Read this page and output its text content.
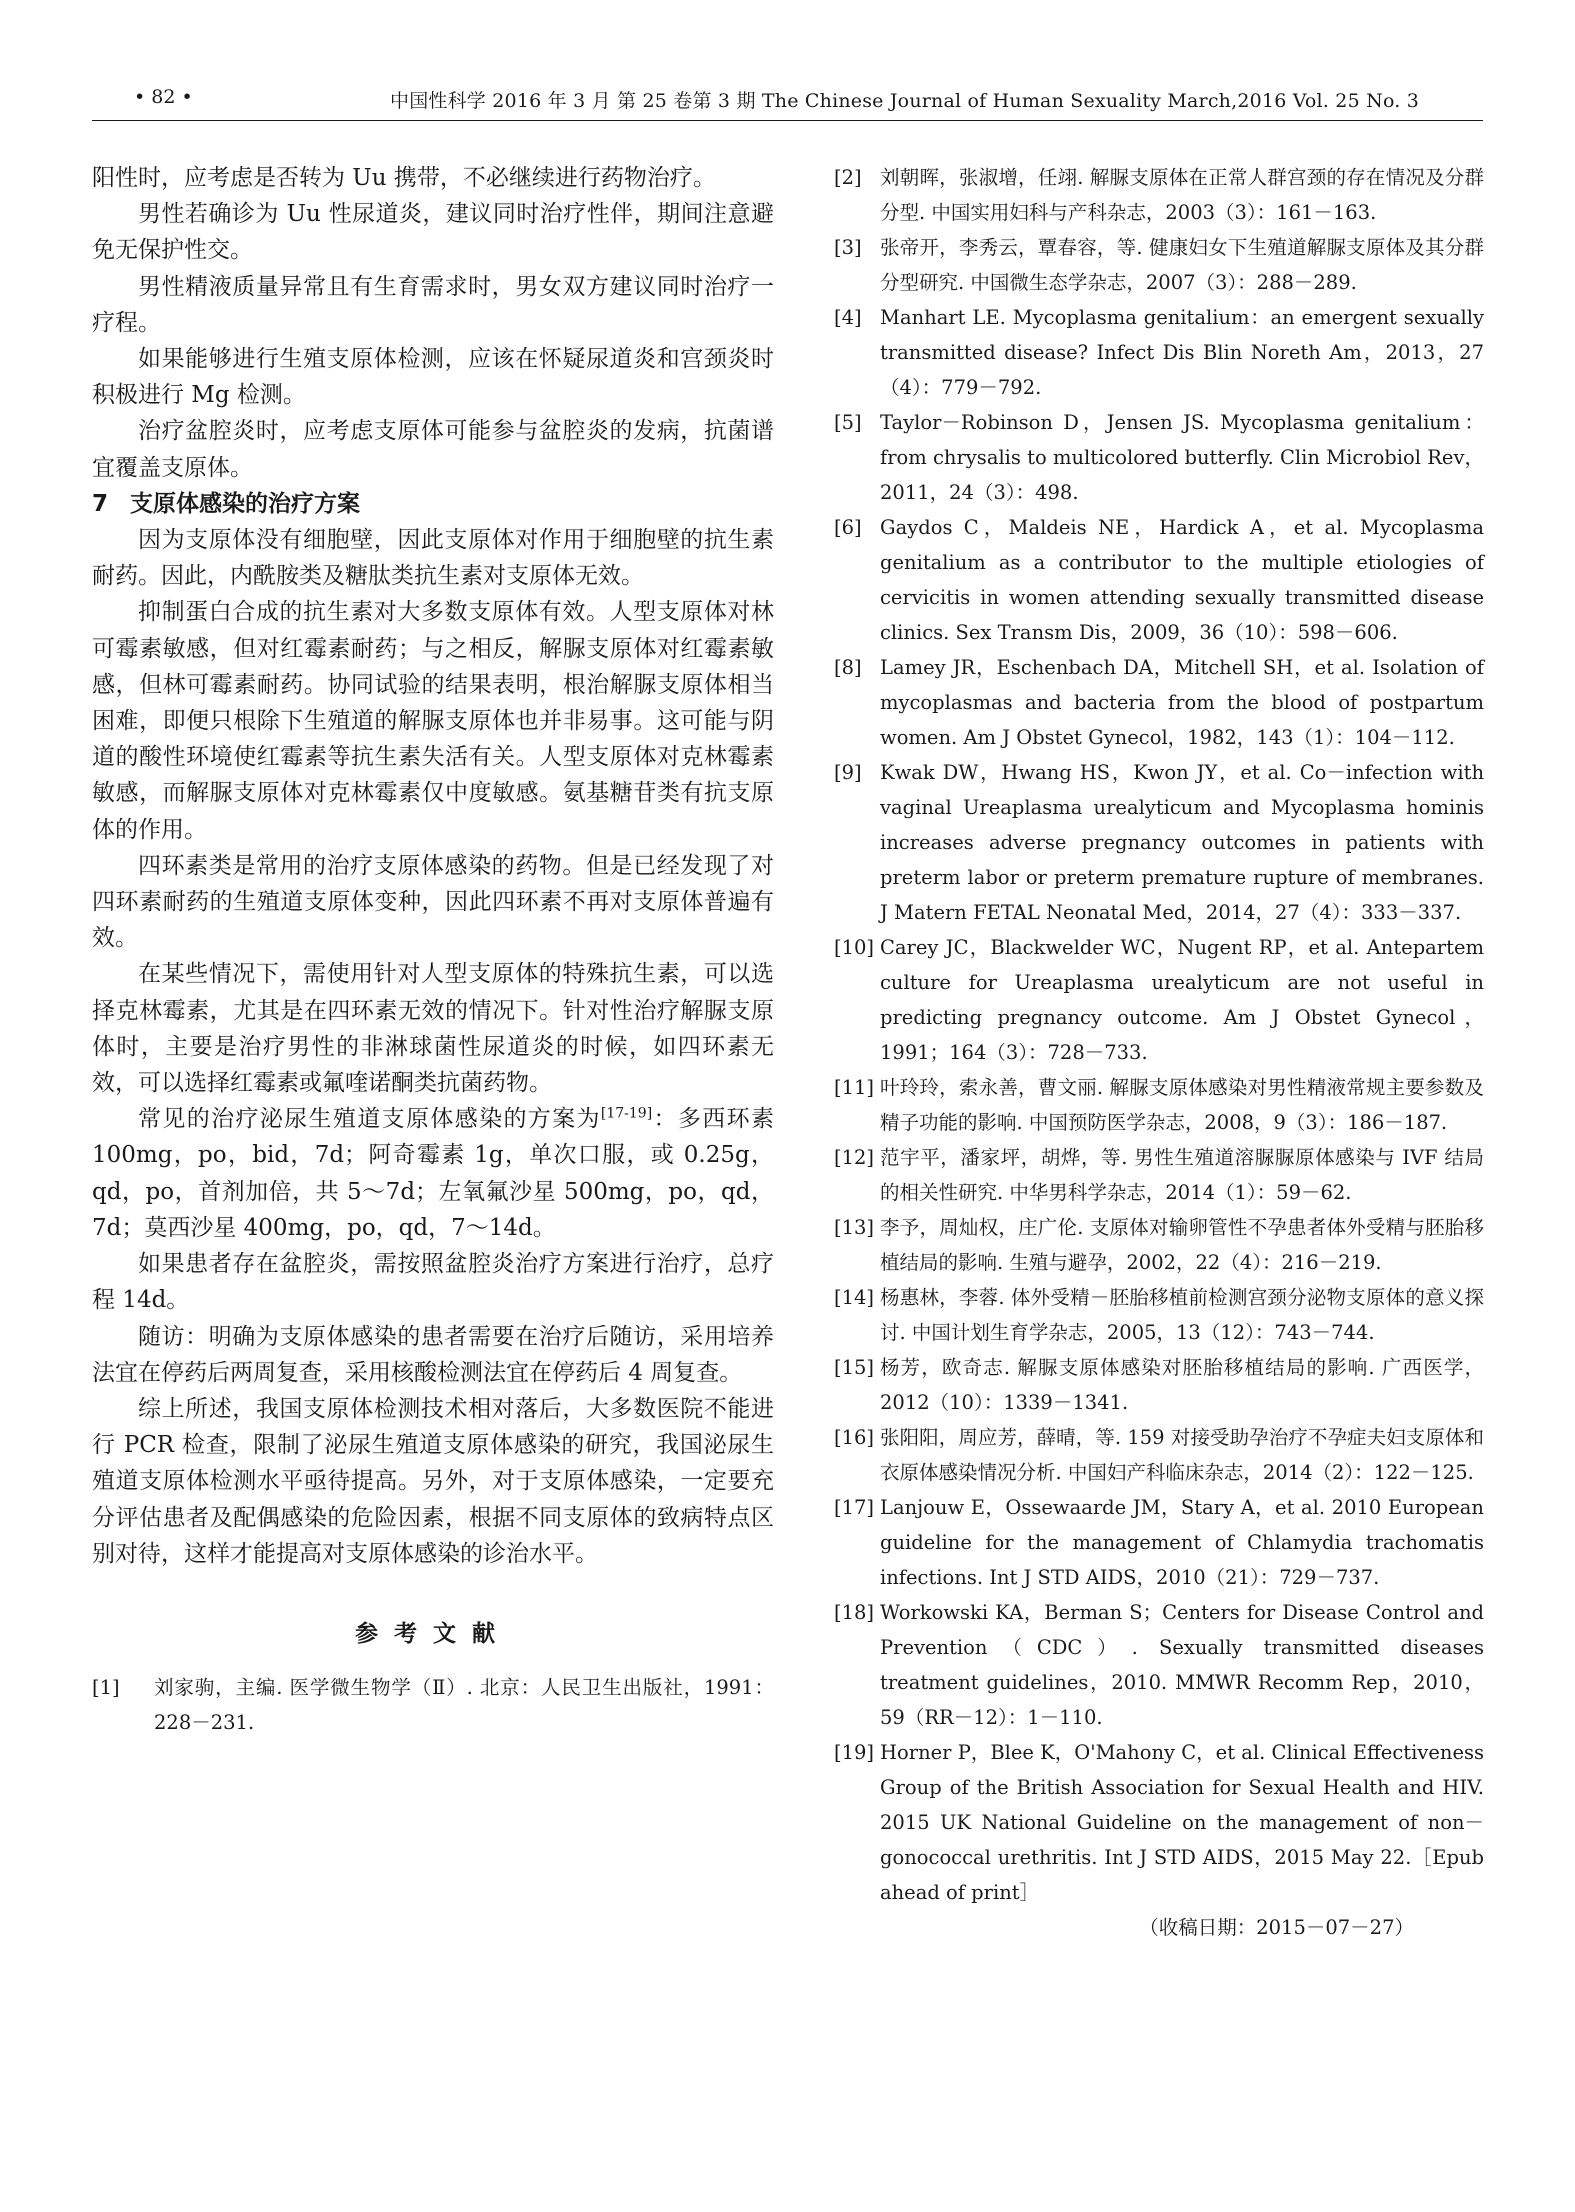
• 82 •	中国性科学 2016 年 3 月 第 25 卷第 3 期 The Chinese Journal of Human Sexuality March,2016 Vol. 25 No. 3

阳性时，应考虑是否转为 Uu 携带，不必继续进行药物治疗。

男性若确诊为 Uu 性尿道炎，建议同时治疗性伴，期间注意避免无保护性交。

男性精液质量异常且有生育需求时，男女双方建议同时治疗一疗程。

如果能够进行生殖支原体检测，应该在怀疑尿道炎和宫颈炎时积极进行 Mg 检测。

治疗盆腔炎时，应考虑支原体可能参与盆腔炎的发病，抗菌谱宜覆盖支原体。

7 支原体感染的治疗方案

因为支原体没有细胞壁，因此支原体对作用于细胞壁的抗生素耐药。因此，内酰胺类及糖肽类抗生素对支原体无效。

抑制蛋白合成的抗生素对大多数支原体有效。人型支原体对林可霉素敏感，但对红霉素耐药；与之相反，解脲支原体对红霉素敏感，但林可霉素耐药。协同试验的结果表明，根治解脲支原体相当困难，即便只根除下生殖道的解脲支原体也并非易事。这可能与阴道的酸性环境使红霉素等抗生素失活有关。人型支原体对克林霉素敏感，而解脲支原体对克林霉素仅中度敏感。氨基糖苷类有抗支原体的作用。

四环素类是常用的治疗支原体感染的药物。但是已经发现了对四环素耐药的生殖道支原体变种，因此四环素不再对支原体普遍有效。

在某些情况下，需使用针对人型支原体的特殊抗生素，可以选择克林霉素，尤其是在四环素无效的情况下。针对性治疗解脲支原体时，主要是治疗男性的非淋球菌性尿道炎的时候，如四环素无效，可以选择红霉素或氟喹诺酮类抗菌药物。

常见的治疗泌尿生殖道支原体感染的方案为[17-19]：多西环素 100mg，po，bid，7d；阿奇霉素 1g，单次口服，或 0.25g，qd，po，首剂加倍，共 5～7d；左氧氟沙星 500mg，po，qd，7d；莫西沙星 400mg，po，qd，7～14d。

如果患者存在盆腔炎，需按照盆腔炎治疗方案进行治疗，总疗程 14d。

随访：明确为支原体感染的患者需要在治疗后随访，采用培养法宜在停药后两周复查，采用核酸检测法宜在停药后 4 周复查。

综上所述，我国支原体检测技术相对落后，大多数医院不能进行 PCR 检查，限制了泌尿生殖道支原体感染的研究，我国泌尿生殖道支原体检测水平亟待提高。另外，对于支原体感染，一定要充分评估患者及配偶感染的危险因素，根据不同支原体的致病特点区别对待，这样才能提高对支原体感染的诊治水平。

参考文献
[1] 刘家驹，主编. 医学微生物学（Ⅱ）. 北京：人民卫生出版社，1991：228－231.
[2] 刘朝晖，张淑增，任翊. 解脲支原体在正常人群宫颈的存在情况及分群分型. 中国实用妇科与产科杂志，2003（3）：161－163.
[3] 张帝开，李秀云，覃春容，等. 健康妇女下生殖道解脲支原体及其分群分型研究. 中国微生态学杂志，2007（3）：288－289.
[4] Manhart LE. Mycoplasma genitalium：an emergent sexually transmitted disease? Infect Dis Blin Noreth Am，2013，27（4）：779－792.
[5] Taylor－Robinson D，Jensen JS. Mycoplasma genitalium：from chrysalis to multicolored butterfly. Clin Microbiol Rev，2011，24（3）：498.
[6] Gaydos C，Maldeis NE，Hardick A，et al. Mycoplasma genitalium as a contributor to the multiple etiologies of cervicitis in women attending sexually transmitted disease clinics. Sex Transm Dis，2009，36（10）：598－606.
[8] Lamey JR，Eschenbach DA，Mitchell SH，et al. Isolation of mycoplasmas and bacteria from the blood of postpartum women. Am J Obstet Gynecol，1982，143（1）：104－112.
[9] Kwak DW，Hwang HS，Kwon JY，et al. Co－infection with vaginal Ureaplasma urealyticum and Mycoplasma hominis increases adverse pregnancy outcomes in patients with preterm labor or preterm premature rupture of membranes. J Matern FETAL Neonatal Med，2014，27（4）：333－337.
[10] Carey JC，Blackwelder WC，Nugent RP，et al. Antepartem culture for Ureaplasma urealyticum are not useful in predicting pregnancy outcome. Am J Obstet Gynecol，1991；164（3）：728－733.
[11] 叶玲玲，索永善，曹文丽. 解脲支原体感染对男性精液常规主要参数及精子功能的影响. 中国预防医学杂志，2008，9（3）：186－187.
[12] 范宇平，潘家坪，胡烨，等. 男性生殖道溶脲脲原体感染与 IVF 结局的相关性研究. 中华男科学杂志，2014（1）：59－62.
[13] 李予，周灿权，庄广伦. 支原体对输卵管性不孕患者体外受精与胚胎移植结局的影响. 生殖与避孕，2002，22（4）：216－219.
[14] 杨惠林，李蓉. 体外受精－胚胎移植前检测宫颈分泌物支原体的意义探讨. 中国计划生育学杂志，2005，13（12）：743－744.
[15] 杨芳，欧奇志. 解脲支原体感染对胚胎移植结局的影响. 广西医学，2012（10）：1339－1341.
[16] 张阳阳，周应芳，薛晴，等. 159 对接受助孕治疗不孕症夫妇支原体和衣原体感染情况分析. 中国妇产科临床杂志，2014（2）：122－125.
[17] Lanjouw E，Ossewaarde JM，Stary A，et al. 2010 European guideline for the management of Chlamydia trachomatis infections. Int J STD AIDS，2010（21）：729－737.
[18] Workowski KA，Berman S；Centers for Disease Control and Prevention（CDC）. Sexually transmitted diseases treatment guidelines，2010. MMWR Recomm Rep，2010，59（RR－12）：1－110.
[19] Horner P，Blee K，O'Mahony C，et al. Clinical Effectiveness Group of the British Association for Sexual Health and HIV. 2015 UK National Guideline on the management of non－gonococcal urethritis. Int J STD AIDS，2015 May 22.［Epub ahead of print］
（收稿日期：2015－07－27）
